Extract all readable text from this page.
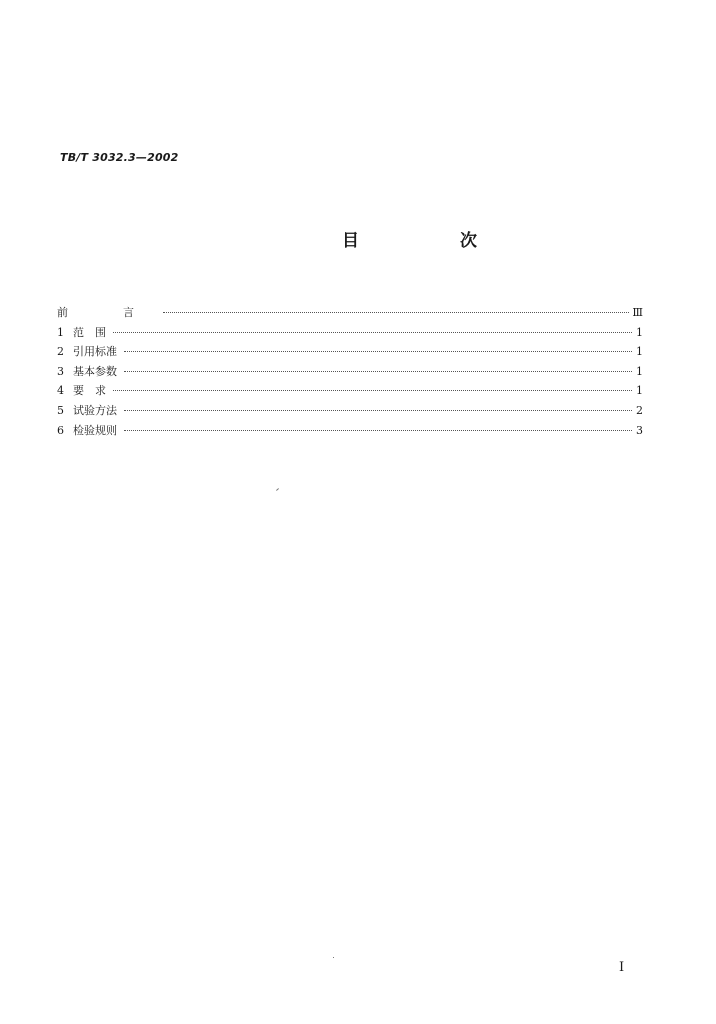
TB/T 3032.3—2002
目　次
前　言	Ⅲ
1 范　围	1
2 引用标准	1
3 基本参数	1
4 要　求	1
5 试验方法	2
6 检验规则	3
Ⅰ
